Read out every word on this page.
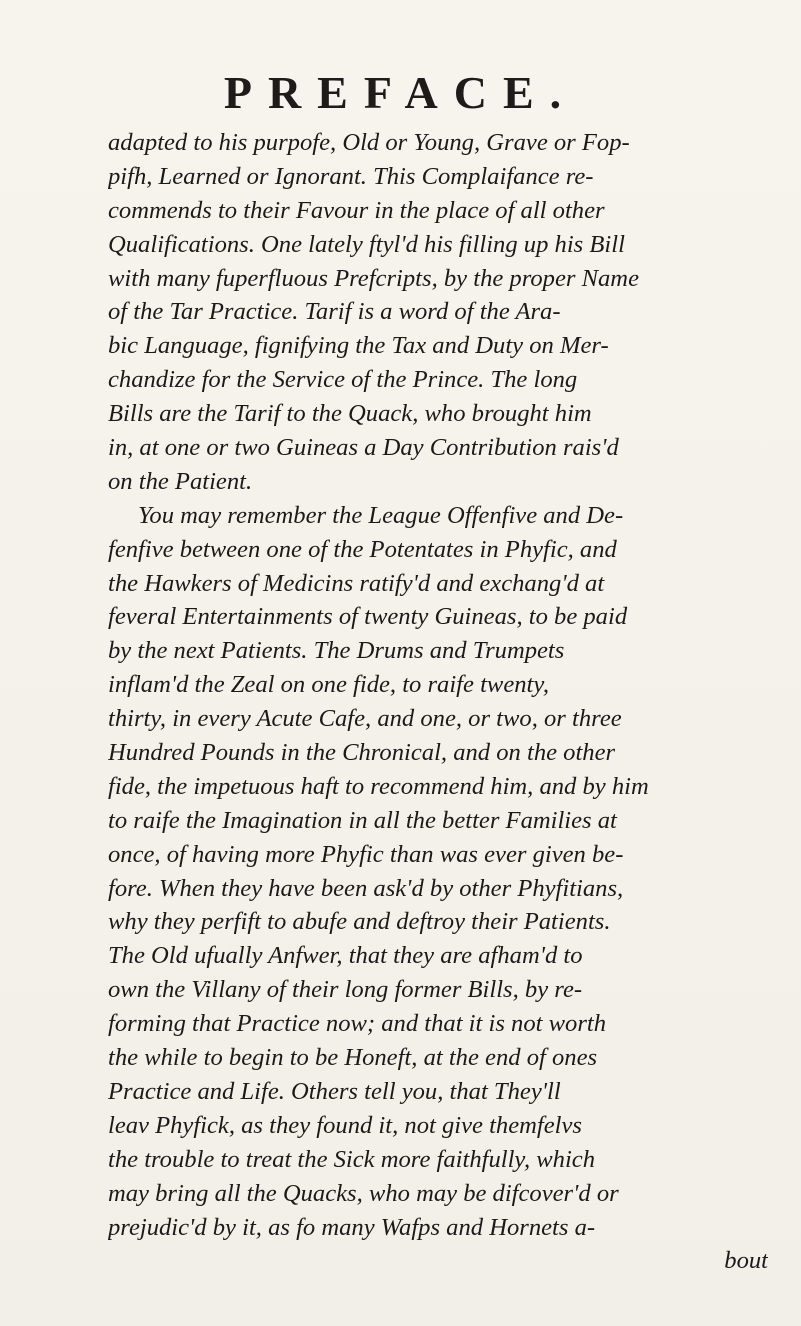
PREFACE.
adapted to his purpofe, Old or Young, Grave or Fop-
pifh, Learned or Ignorant. This Complaifance re-
commends to their Favour in the place of all other
Qualifications. One lately ftyl'd his filling up his Bill
with many fuperfluous Prefcripts, by the proper Name
of the Tar Practice. Tarif is a word of the Ara-
bic Language, fignifying the Tax and Duty on Mer-
chandize for the Service of the Prince. The long
Bills are the Tarif to the Quack, who brought him
in, at one or two Guineas a Day Contribution rais'd
on the Patient.
You may remember the League Offenfive and De-
fenfive between one of the Potentates in Phyfic, and
the Hawkers of Medicins ratify'd and exchang'd at
feveral Entertainments of twenty Guineas, to be paid
by the next Patients. The Drums and Trumpets
inflam'd the Zeal on one fide, to raife twenty,
thirty, in every Acute Cafe, and one, or two, or three
Hundred Pounds in the Chronical, and on the other
fide, the impetuous haft to recommend him, and by him
to raife the Imagination in all the better Families at
once, of having more Phyfic than was ever given be-
fore. When they have been ask'd by other Phyfitians,
why they perfift to abufe and deftroy their Patients.
The Old ufually Anfwer, that they are afham'd to
own the Villany of their long former Bills, by re-
forming that Practice now; and that it is not worth
the while to begin to be Honeft, at the end of ones
Practice and Life. Others tell you, that They'll
leav Phyfick, as they found it, not give themfelvs
the trouble to treat the Sick more faithfully, which
may bring all the Quacks, who may be difcover'd or
prejudic'd by it, as fo many Wafps and Hornets a-
bout
